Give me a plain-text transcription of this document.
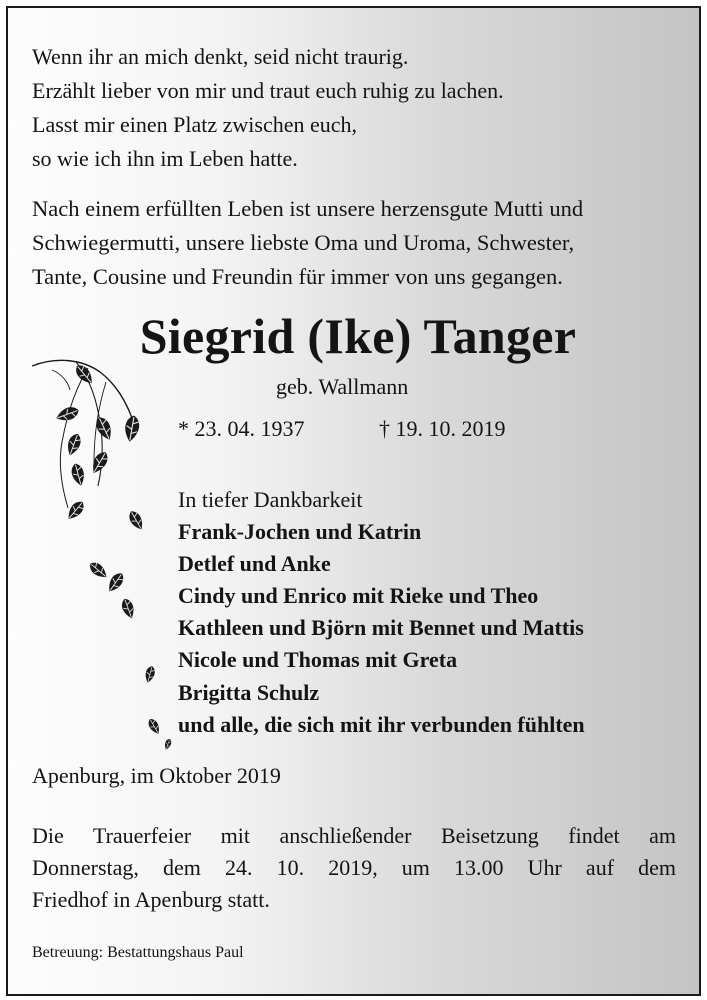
Wenn ihr an mich denkt, seid nicht traurig.
Erzählt lieber von mir und traut euch ruhig zu lachen.
Lasst mir einen Platz zwischen euch,
so wie ich ihn im Leben hatte.
Nach einem erfüllten Leben ist unsere herzensgute Mutti und
Schwiegermutti, unsere liebste Oma und Uroma, Schwester,
Tante, Cousine und Freundin für immer von uns gegangen.
Siegrid (Ike) Tanger
geb. Wallmann
* 23. 04. 1937	† 19. 10. 2019
In tiefer Dankbarkeit
Frank-Jochen und Katrin
Detlef und Anke
Cindy und Enrico mit Rieke und Theo
Kathleen und Björn mit Bennet und Mattis
Nicole und Thomas mit Greta
Brigitta Schulz
und alle, die sich mit ihr verbunden fühlten
Apenburg, im Oktober 2019
Die Trauerfeier mit anschließender Beisetzung findet am
Donnerstag, dem 24. 10. 2019, um 13.00 Uhr auf dem
Friedhof in Apenburg statt.
Betreuung: Bestattungshaus Paul
